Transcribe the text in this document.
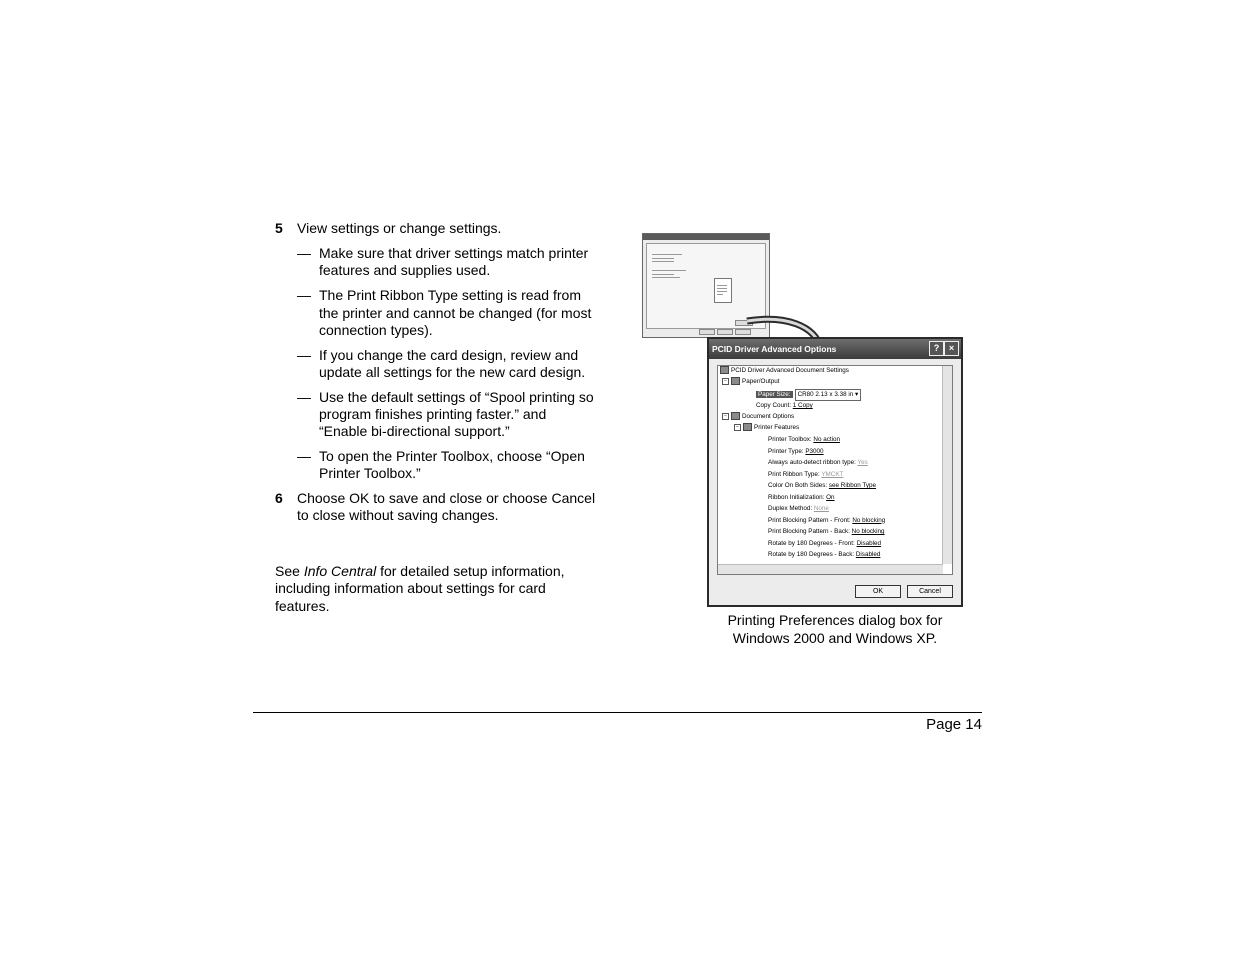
5 View settings or change settings.
— Make sure that driver settings match printer
features and supplies used.
— The Print Ribbon Type setting is read from
the printer and cannot be changed (for most
connection types).
— If you change the card design, review and
update all settings for the new card design.
— Use the default settings of “Spool printing so
program finishes printing faster.” and
“Enable bi-directional support.”
— To open the Printer Toolbox, choose “Open
Printer Toolbox.”
6 Choose OK to save and close or choose Cancel
to close without saving changes.
See Info Central for detailed setup information,
including information about settings for card
features.
PCID Driver Advanced Options	?	×
PCID Driver Advanced Document Settings
− Paper/Output
Paper Size: CR80 2.13 x 3.38 in ▾
Copy Count: 1 Copy
− Document Options
− Printer Features
Printer Toolbox: No action
Printer Type: P3000
Always auto-detect ribbon type: Yes
Print Ribbon Type: YMCKT
Color On Both Sides: see Ribbon Type
Ribbon Initialization: On
Duplex Method: None
Print Blocking Pattern - Front: No blocking
Print Blocking Pattern - Back: No blocking
Rotate by 180 Degrees - Front: Disabled
Rotate by 180 Degrees - Back: Disabled
OK	Cancel
Printing Preferences dialog box for
Windows 2000 and Windows XP.
Page 14
